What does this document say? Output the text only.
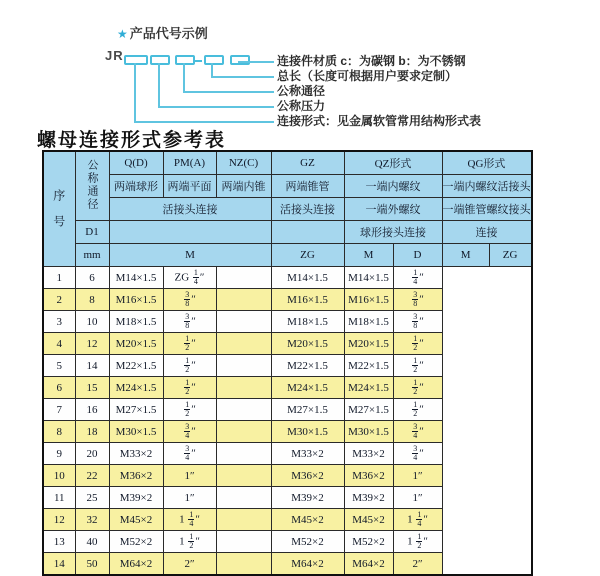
★ 产品代号示例
JR	连接件材质 c：为碳钢 b：为不锈钢
总长（长度可根据用户要求定制）
公称通径
公称压力
连接形式：见金属软管常用结构形式表
螺母连接形式参考表
序号	公称通径	Q(D)	PM(A)	NZ(C)	GZ	QZ形式		QG形式	
		两端球形	两端平面	两端内锥	两端锥管	一端内螺纹		一端内螺纹活接头	
		活接头连接			活接头连接	一端外螺纹		一端锥管螺纹接头	
	D1					球形接头连接		连接	
	mm	M			ZG	M	D	M	ZG
1	6	M14×1.5	ZG $\frac{1}{4}$ ″		M14×1.5	M14×1.5	$\frac{1}{4}$ ″		
2	8	M16×1.5	$\frac{3}{8}$ ″		M16×1.5	M16×1.5	$\frac{3}{8}$ ″		
3	10	M18×1.5	$\frac{3}{8}$ ″		M18×1.5	M18×1.5	$\frac{3}{8}$ ″		
4	12	M20×1.5	$\frac{1}{2}$ ″		M20×1.5	M20×1.5	$\frac{1}{2}$ ″		
5	14	M22×1.5	$\frac{1}{2}$ ″		M22×1.5	M22×1.5	$\frac{1}{2}$ ″		
6	15	M24×1.5	$\frac{1}{2}$ ″		M24×1.5	M24×1.5	$\frac{1}{2}$ ″		
7	16	M27×1.5	$\frac{1}{2}$ ″		M27×1.5	M27×1.5	$\frac{1}{2}$ ″		
8	18	M30×1.5	$\frac{3}{4}$ ″		M30×1.5	M30×1.5	$\frac{3}{4}$ ″		
9	20	M33×2	$\frac{3}{4}$ ″		M33×2	M33×2	$\frac{3}{4}$ ″		
10	22	M36×2	1″		M36×2	M36×2	1″		
11	25	M39×2	1″		M39×2	M39×2	1″		
12	32	M45×2	$1 \frac{1}{4}$ ″		M45×2	M45×2	$1 \frac{1}{4}$ ″		
13	40	M52×2	$1 \frac{1}{2}$ ″		M52×2	M52×2	$1 \frac{1}{2}$ ″		
14	50	M64×2	2″		M64×2	M64×2	2″		
